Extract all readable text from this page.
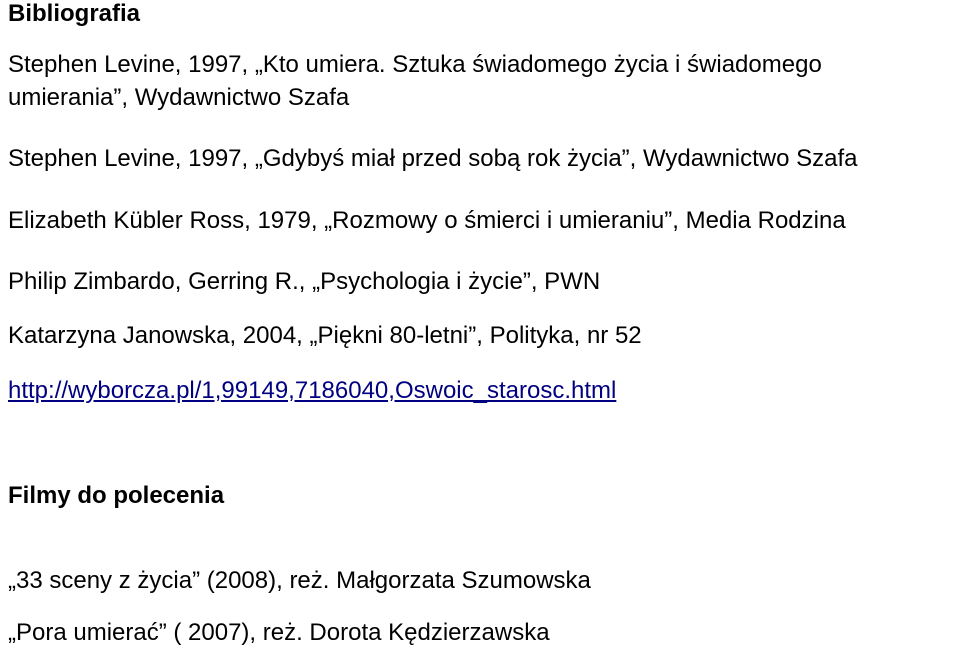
Bibliografia
Stephen Levine, 1997, „Kto umiera. Sztuka świadomego życia i świadomego
umierania”, Wydawnictwo Szafa
Stephen Levine, 1997, „Gdybyś miał przed sobą rok życia”, Wydawnictwo Szafa
Elizabeth Kübler Ross, 1979, „Rozmowy o śmierci i umieraniu”, Media Rodzina
Philip Zimbardo, Gerring R., „Psychologia i życie”, PWN
Katarzyna Janowska, 2004, „Piękni 80-letni”, Polityka, nr 52
http://wyborcza.pl/1,99149,7186040,Oswoic_starosc.html
Filmy do polecenia
„33 sceny z życia” (2008), reż. Małgorzata Szumowska
„Pora umierać” ( 2007), reż. Dorota Kędzierzawska
